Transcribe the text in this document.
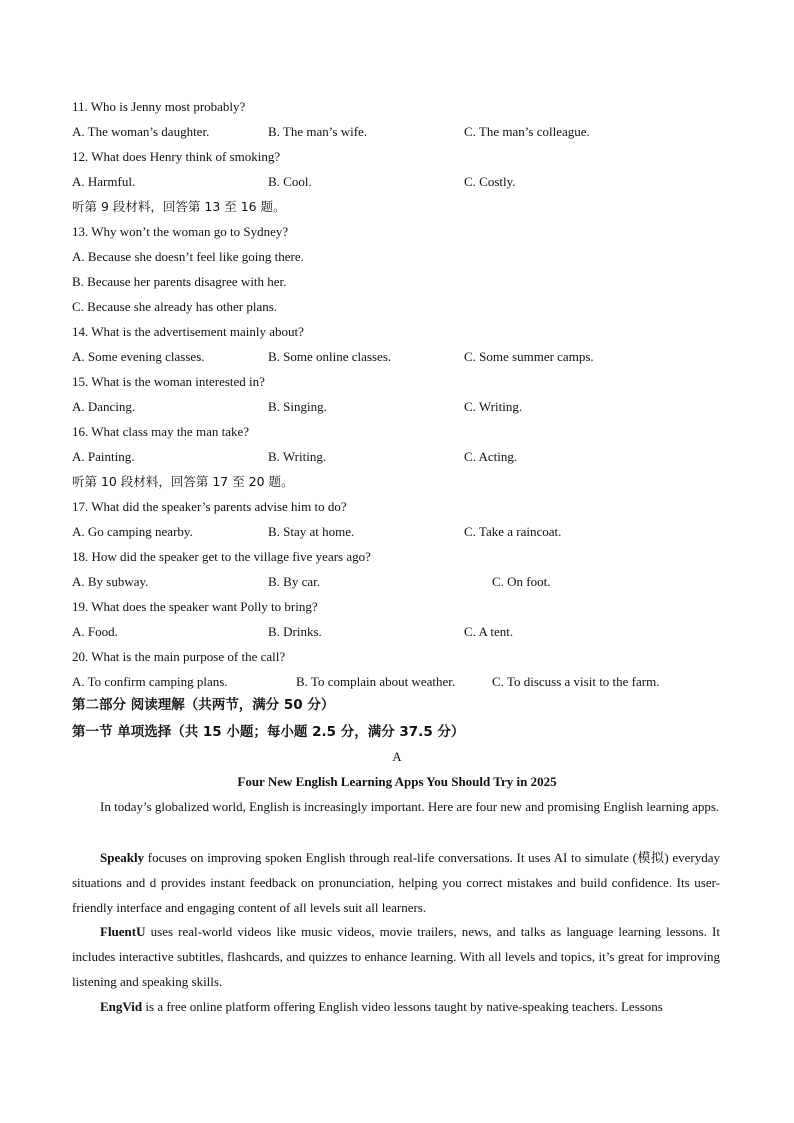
11. Who is Jenny most probably?
A. The woman’s daughter.	B. The man’s wife.	C. The man’s colleague.
12. What does Henry think of smoking?
A. Harmful.	B. Cool.	C. Costly.
听第 9 段材料，回答第 13 至 16 题。
13. Why won’t the woman go to Sydney?
A. Because she doesn’t feel like going there.
B. Because her parents disagree with her.
C. Because she already has other plans.
14. What is the advertisement mainly about?
A. Some evening classes.	B. Some online classes.	C. Some summer camps.
15. What is the woman interested in?
A. Dancing.	B. Singing.	C. Writing.
16. What class may the man take?
A. Painting.	B. Writing.	C. Acting.
听第 10 段材料，回答第 17 至 20 题。
17. What did the speaker’s parents advise him to do?
A. Go camping nearby.	B. Stay at home.	C. Take a raincoat.
18. How did the speaker get to the village five years ago?
A. By subway.	B. By car.	C. On foot.
19. What does the speaker want Polly to bring?
A. Food.	B. Drinks.	C. A tent.
20. What is the main purpose of the call?
A. To confirm camping plans.	B. To complain about weather.	C. To discuss a visit to the farm.
第二部分 阅读理解（共两节，满分 50 分）
第一节 单项选择（共 15 小题；每小题 2.5 分，满分 37.5 分）
A
Four New English Learning Apps You Should Try in 2025
In today’s globalized world, English is increasingly important. Here are four new and promising English learning apps.
Speakly focuses on improving spoken English through real-life conversations. It uses AI to simulate (模拟) everyday situations and d provides instant feedback on pronunciation, helping you correct mistakes and build confidence. Its user-friendly interface and engaging content of all levels suit all learners.
FluentU uses real-world videos like music videos, movie trailers, news, and talks as language learning lessons. It includes interactive subtitles, flashcards, and quizzes to enhance learning. With all levels and topics, it’s great for improving listening and speaking skills.
EngVid is a free online platform offering English video lessons taught by native-speaking teachers. Lessons
